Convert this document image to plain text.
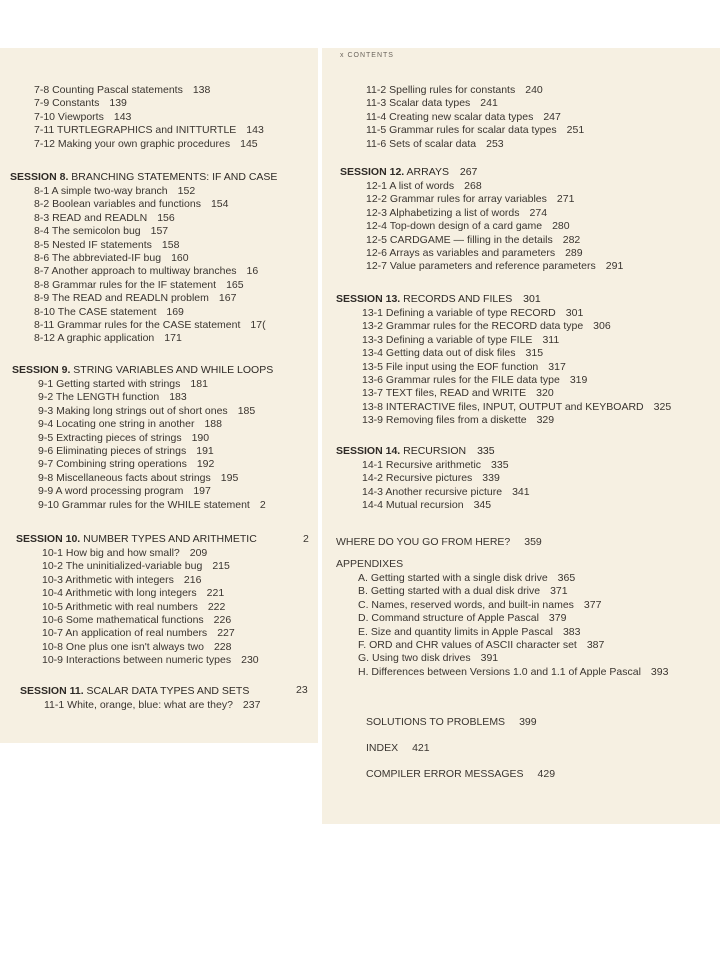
7-8 Counting Pascal statements 138
7-9 Constants 139
7-10 Viewports 143
7-11 TURTLEGRAPHICS and INITTURTLE 143
7-12 Making your own graphic procedures 145
SESSION 8. BRANCHING STATEMENTS: IF AND CASE
8-1 A simple two-way branch 152
8-2 Boolean variables and functions 154
8-3 READ and READLN 156
8-4 The semicolon bug 157
8-5 Nested IF statements 158
8-6 The abbreviated-IF bug 160
8-7 Another approach to multiway branches 16
8-8 Grammar rules for the IF statement 165
8-9 The READ and READLN problem 167
8-10 The CASE statement 169
8-11 Grammar rules for the CASE statement 17(
8-12 A graphic application 171
SESSION 9. STRING VARIABLES AND WHILE LOOPS
9-1 Getting started with strings 181
9-2 The LENGTH function 183
9-3 Making long strings out of short ones 185
9-4 Locating one string in another 188
9-5 Extracting pieces of strings 190
9-6 Eliminating pieces of strings 191
9-7 Combining string operations 192
9-8 Miscellaneous facts about strings 195
9-9 A word processing program 197
9-10 Grammar rules for the WHILE statement 2
SESSION 10. NUMBER TYPES AND ARITHMETIC	2
10-1 How big and how small? 209
10-2 The uninitialized-variable bug 215
10-3 Arithmetic with integers 216
10-4 Arithmetic with long integers 221
10-5 Arithmetic with real numbers 222
10-6 Some mathematical functions 226
10-7 An application of real numbers 227
10-8 One plus one isn't always two 228
10-9 Interactions between numeric types 230
SESSION 11. SCALAR DATA TYPES AND SETS	23
11-1 White, orange, blue: what are they? 237
x CONTENTS
11-2 Spelling rules for constants 240
11-3 Scalar data types 241
11-4 Creating new scalar data types 247
11-5 Grammar rules for scalar data types 251
11-6 Sets of scalar data 253
SESSION 12. ARRAYS 267
12-1 A list of words 268
12-2 Grammar rules for array variables 271
12-3 Alphabetizing a list of words 274
12-4 Top-down design of a card game 280
12-5 CARDGAME — filling in the details 282
12-6 Arrays as variables and parameters 289
12-7 Value parameters and reference parameters 291
SESSION 13. RECORDS AND FILES 301
13-1 Defining a variable of type RECORD 301
13-2 Grammar rules for the RECORD data type 306
13-3 Defining a variable of type FILE 311
13-4 Getting data out of disk files 315
13-5 File input using the EOF function 317
13-6 Grammar rules for the FILE data type 319
13-7 TEXT files, READ and WRITE 320
13-8 INTERACTIVE files, INPUT, OUTPUT and KEYBOARD 325
13-9 Removing files from a diskette 329
SESSION 14. RECURSION 335
14-1 Recursive arithmetic 335
14-2 Recursive pictures 339
14-3 Another recursive picture 341
14-4 Mutual recursion 345
WHERE DO YOU GO FROM HERE? 359
APPENDIXES
A. Getting started with a single disk drive 365
B. Getting started with a dual disk drive 371
C. Names, reserved words, and built-in names 377
D. Command structure of Apple Pascal 379
E. Size and quantity limits in Apple Pascal 383
F. ORD and CHR values of ASCII character set 387
G. Using two disk drives 391
H. Differences between Versions 1.0 and 1.1 of Apple Pascal 393
SOLUTIONS TO PROBLEMS 399
INDEX 421
COMPILER ERROR MESSAGES 429
